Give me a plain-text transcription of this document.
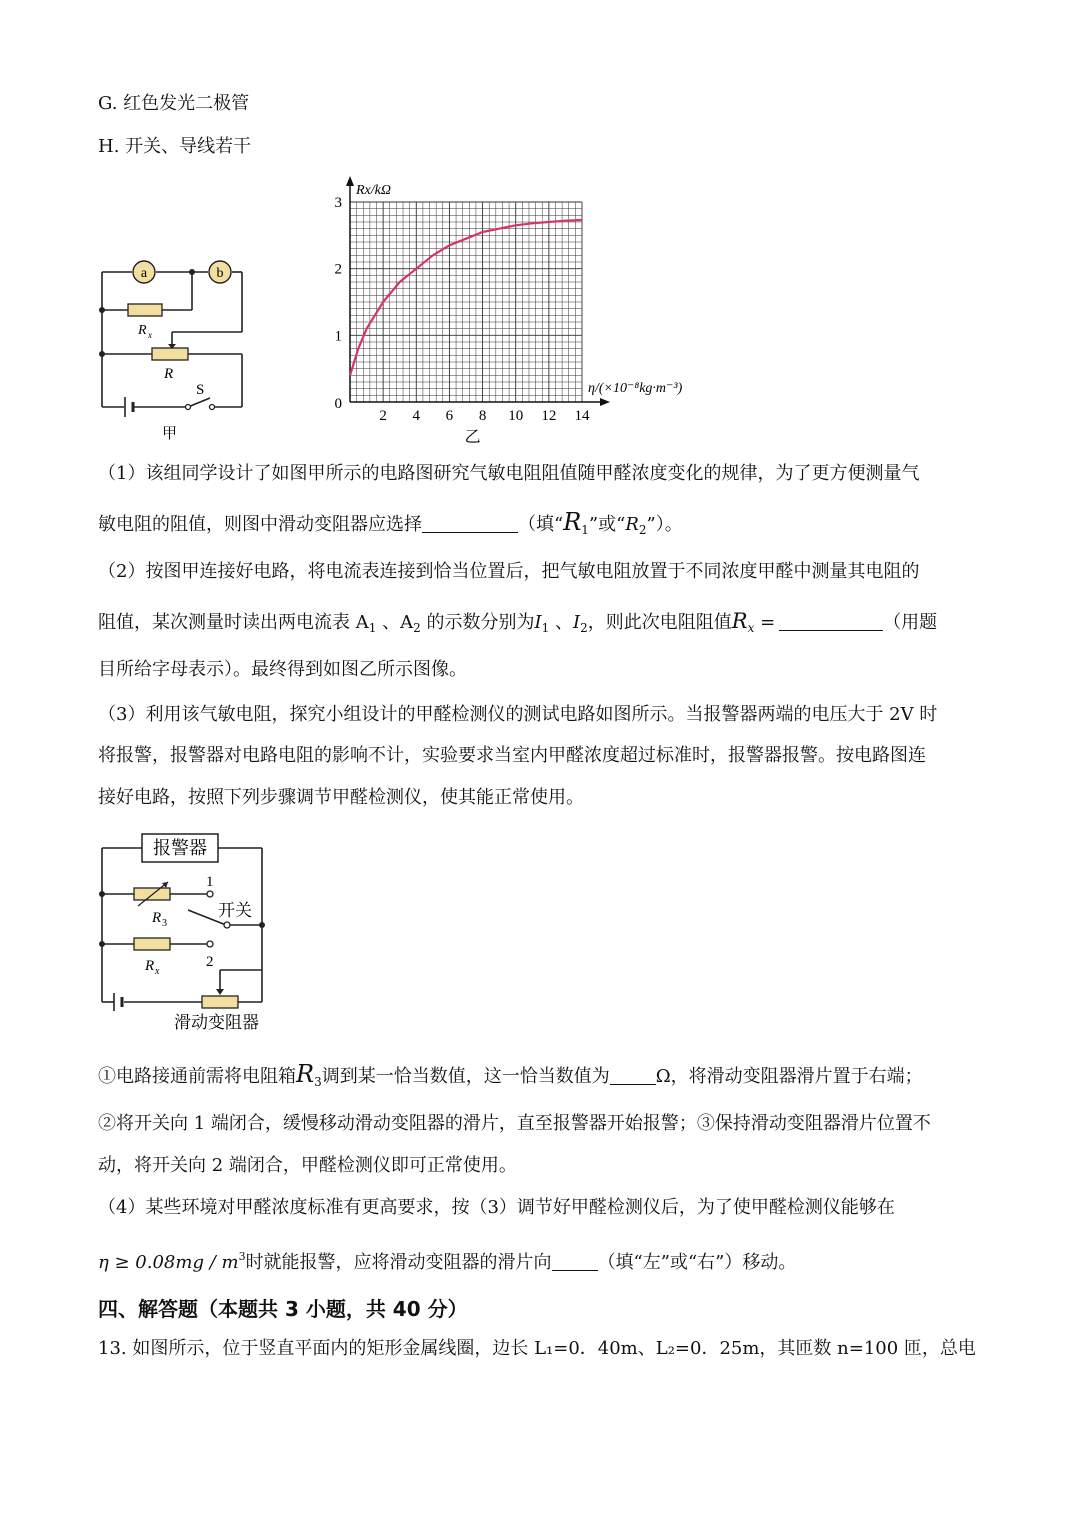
G. 红色发光二极管
H. 开关、导线若干
a	b
R x
R
S
甲
2 4 6 8 10 12 14
1
2
3
0
Rx/kΩ
η/(×10⁻⁸kg·m⁻³)
乙
（1）该组同学设计了如图甲所示的电路图研究气敏电阻阻值随甲醛浓度变化的规律，为了更方便测量气
敏电阻的阻值，则图中滑动变阻器应选择	（填“$R_1$”或“$R_2$”）。
（2）按图甲连接好电路，将电流表连接到恰当位置后，把气敏电阻放置于不同浓度甲醛中测量其电阻的
阻值，某次测量时读出两电流表 $A_1$ 、$A_2$ 的示数分别为$I_1$ 、$I_2$，则此次电阻阻值$R_x$ =	（用题
目所给字母表示）。最终得到如图乙所示图像。
（3）利用该气敏电阻，探究小组设计的甲醛检测仪的测试电路如图所示。当报警器两端的电压大于 2V 时
将报警，报警器对电路电阻的影响不计，实验要求当室内甲醛浓度超过标准时，报警器报警。按电路图连
接好电路，按照下列步骤调节甲醛检测仪，使其能正常使用。
报警器
R 3
R x
1
2
开关
滑动变阻器
①电路接通前需将电阻箱$R_3$调到某一恰当数值，这一恰当数值为	Ω，将滑动变阻器滑片置于右端；
②将开关向 1 端闭合，缓慢移动滑动变阻器的滑片，直至报警器开始报警；③保持滑动变阻器滑片位置不
动，将开关向 2 端闭合，甲醛检测仪即可正常使用。
（4）某些环境对甲醛浓度标准有更高要求，按（3）调节好甲醛检测仪后，为了使甲醛检测仪能够在
$\eta \ge 0.08mg / m^3$时就能报警，应将滑动变阻器的滑片向	（填“左”或“右”）移动。
四、解答题（本题共 3 小题，共 40 分）
13. 如图所示，位于竖直平面内的矩形金属线圈，边长 L₁=0．40m、L₂=0．25m，其匝数 n=100 匝，总电
